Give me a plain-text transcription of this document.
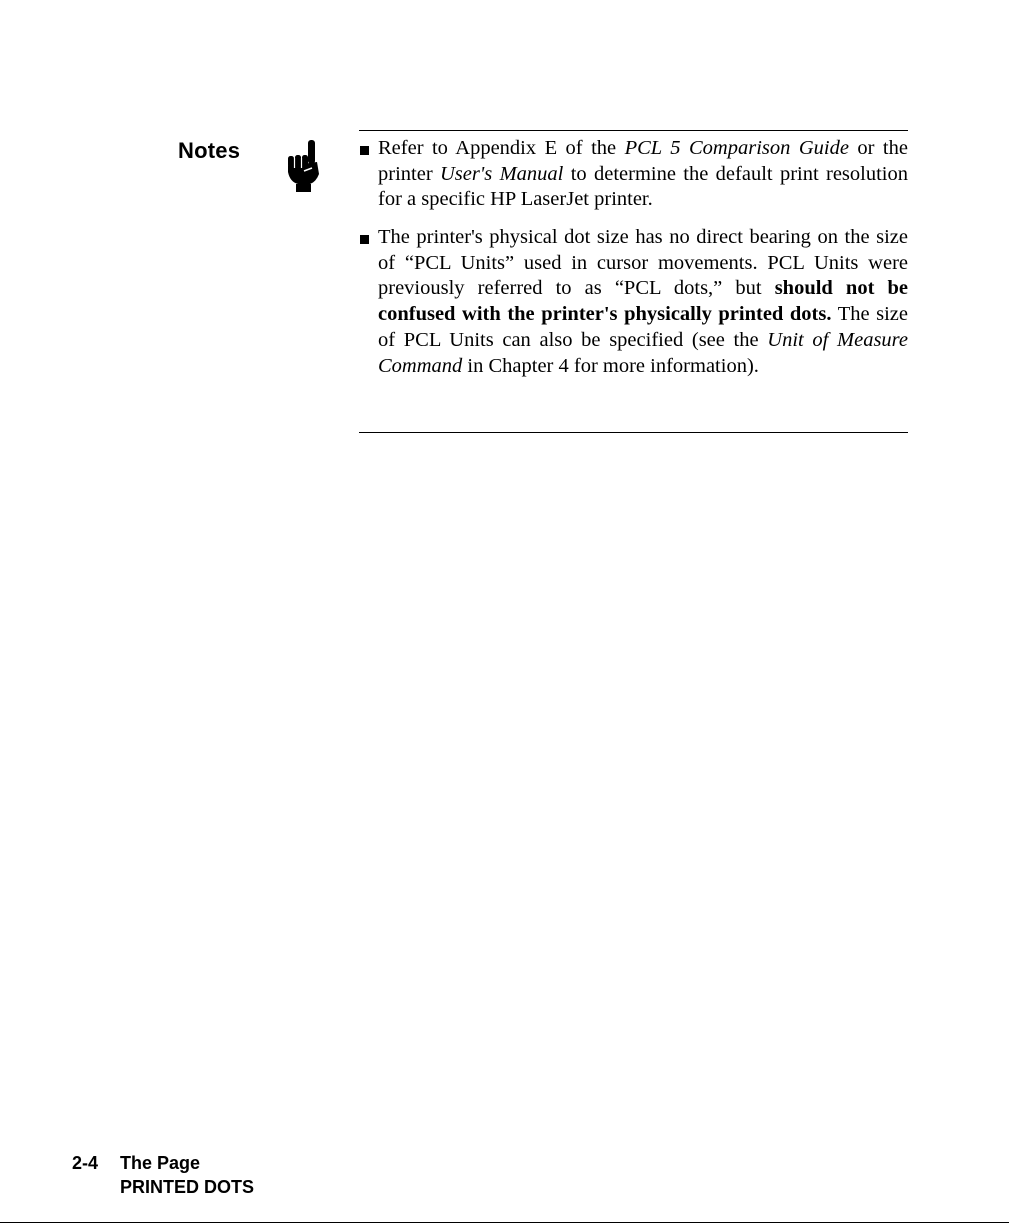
Notes	Refer to Appendix E of the PCL 5 Comparison Guide or the printer User's Manual to determine the default print resolution for a specific HP LaserJet printer.
The printer's physical dot size has no direct bearing on the size of “PCL Units” used in cursor movements. PCL Units were previously referred to as “PCL dots,” but should not be confused with the printer's physically printed dots. The size of PCL Units can also be specified (see the Unit of Measure Command in Chapter 4 for more information).
2-4 The Page
PRINTED DOTS
